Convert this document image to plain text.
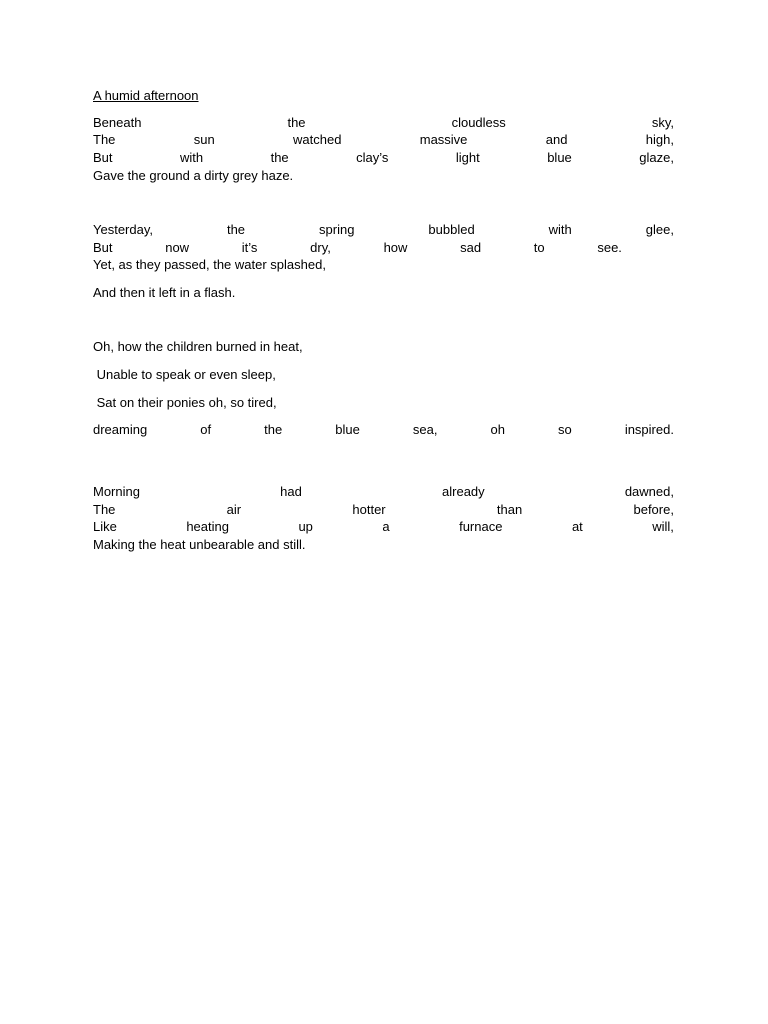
A humid afternoon
Beneath	the	cloudless	sky,
The	sun	watched	massive	and	high,
But	with	the	clay’s	light	blue	glaze,
Gave the ground a dirty grey haze.
Yesterday,	the	spring	bubbled	with	glee,
But	now	it’s	dry,	how	sad	to	see.
Yet, as they passed, the water splashed,
And then it left in a flash.
Oh, how the children burned in heat,
Unable to speak or even sleep,
Sat on their ponies oh, so tired,
dreaming	of	the	blue	sea,	oh	so	inspired.
Morning	had	already	dawned,
The	air	hotter	than	before,
Like	heating	up	a	furnace	at	will,
Making the heat unbearable and still.
